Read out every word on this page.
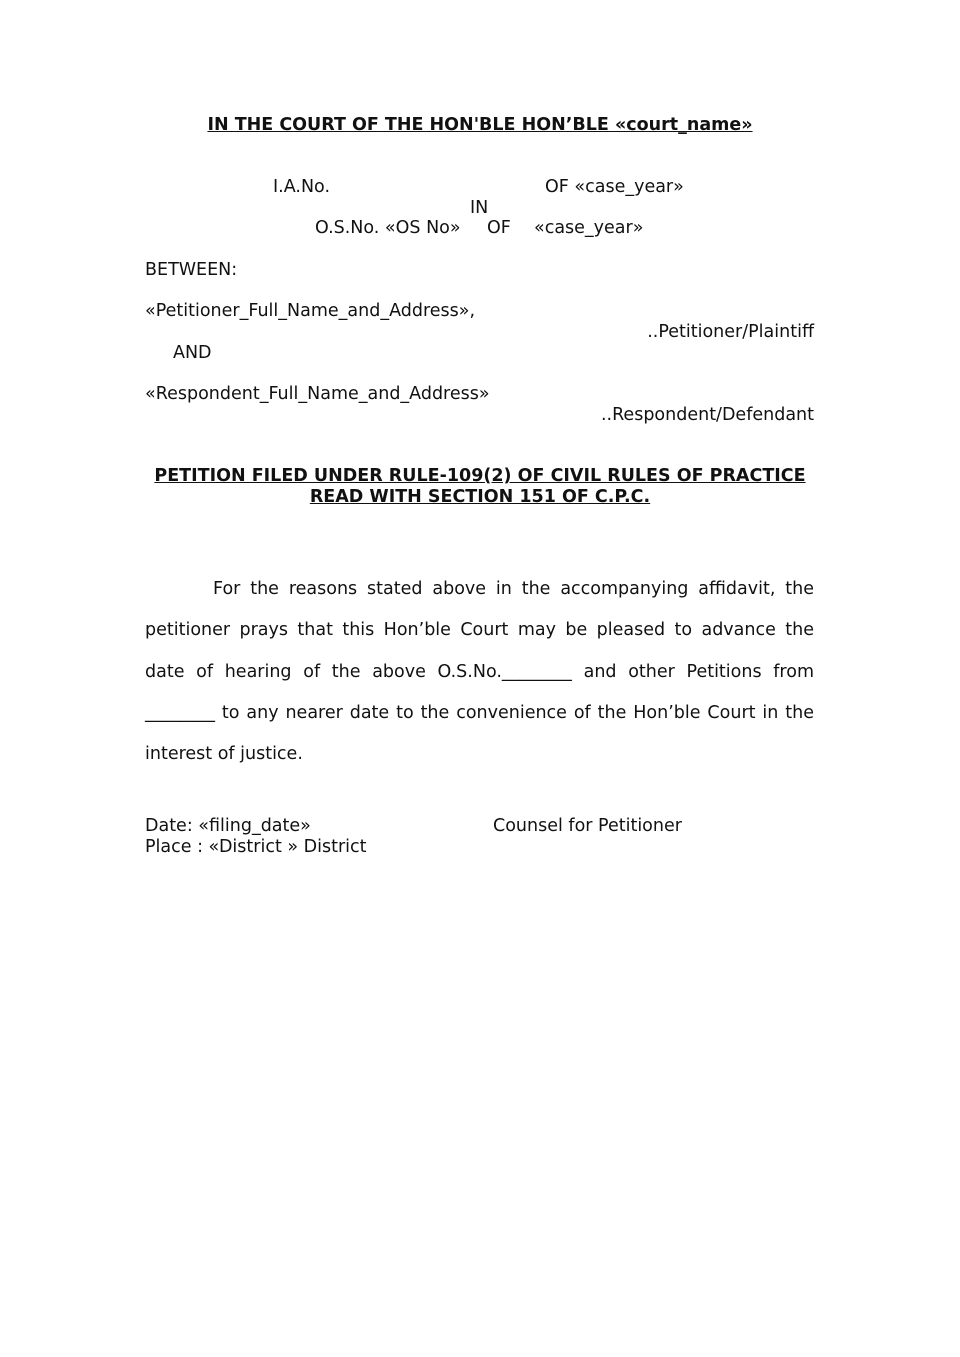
IN THE COURT OF THE HON'BLE HON’BLE «court_name»
I.A.No.	OF «case_year»
IN
O.S.No. «OS No» OF «case_year»
BETWEEN:
«Petitioner_Full_Name_and_Address»,
..Petitioner/Plaintiff
AND
«Respondent_Full_Name_and_Address»
..Respondent/Defendant
PETITION FILED UNDER RULE-109(2) OF CIVIL RULES OF PRACTICE
READ WITH SECTION 151 OF C.P.C.
For the reasons stated above in the accompanying affidavit, the petitioner prays that this Hon’ble Court may be pleased to advance the date of hearing of the above O.S.No.________ and other Petitions from ________ to any nearer date to the convenience of the Hon’ble Court in the interest of justice.
Date: «filing_date»	Counsel for Petitioner
Place : «District » District
